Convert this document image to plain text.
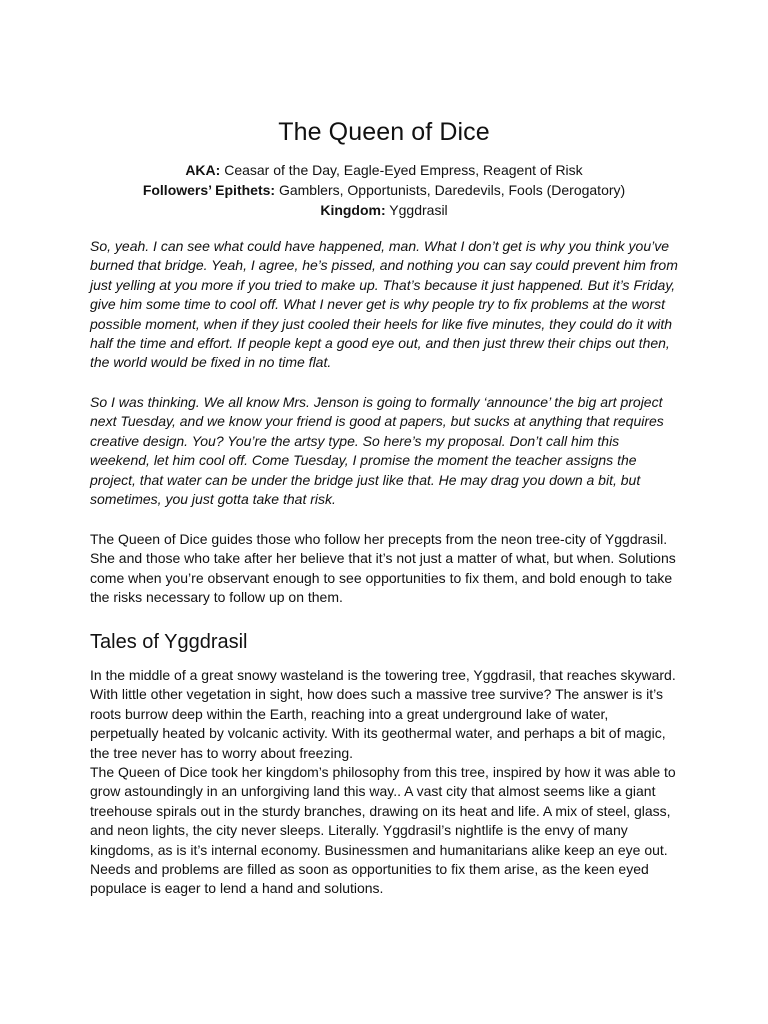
The Queen of Dice
AKA: Ceasar of the Day, Eagle-Eyed Empress, Reagent of Risk
Followers’ Epithets: Gamblers, Opportunists, Daredevils, Fools (Derogatory)
Kingdom: Yggdrasil

So, yeah. I can see what could have happened, man. What I don’t get is why you think you’ve burned that bridge. Yeah, I agree, he’s pissed, and nothing you can say could prevent him from just yelling at you more if you tried to make up. That’s because it just happened. But it’s Friday, give him some time to cool off. What I never get is why people try to fix problems at the worst possible moment, when if they just cooled their heels for like five minutes, they could do it with half the time and effort. If people kept a good eye out, and then just threw their chips out then, the world would be fixed in no time flat.

So I was thinking. We all know Mrs. Jenson is going to formally ‘announce’ the big art project next Tuesday, and we know your friend is good at papers, but sucks at anything that requires creative design. You? You’re the artsy type. So here’s my proposal. Don’t call him this weekend, let him cool off. Come Tuesday, I promise the moment the teacher assigns the project, that water can be under the bridge just like that. He may drag you down a bit, but sometimes, you just gotta take that risk.

The Queen of Dice guides those who follow her precepts from the neon tree-city of Yggdrasil. She and those who take after her believe that it’s not just a matter of what, but when. Solutions come when you’re observant enough to see opportunities to fix them, and bold enough to take the risks necessary to follow up on them.

Tales of Yggdrasil

In the middle of a great snowy wasteland is the towering tree, Yggdrasil, that reaches skyward. With little other vegetation in sight, how does such a massive tree survive? The answer is it’s roots burrow deep within the Earth, reaching into a great underground lake of water, perpetually heated by volcanic activity. With its geothermal water, and perhaps a bit of magic, the tree never has to worry about freezing.

The Queen of Dice took her kingdom’s philosophy from this tree, inspired by how it was able to grow astoundingly in an unforgiving land this way.. A vast city that almost seems like a giant treehouse spirals out in the sturdy branches, drawing on its heat and life. A mix of steel, glass, and neon lights, the city never sleeps. Literally. Yggdrasil’s nightlife is the envy of many kingdoms, as is it’s internal economy. Businessmen and humanitarians alike keep an eye out. Needs and problems are filled as soon as opportunities to fix them arise, as the keen eyed populace is eager to lend a hand and solutions.
